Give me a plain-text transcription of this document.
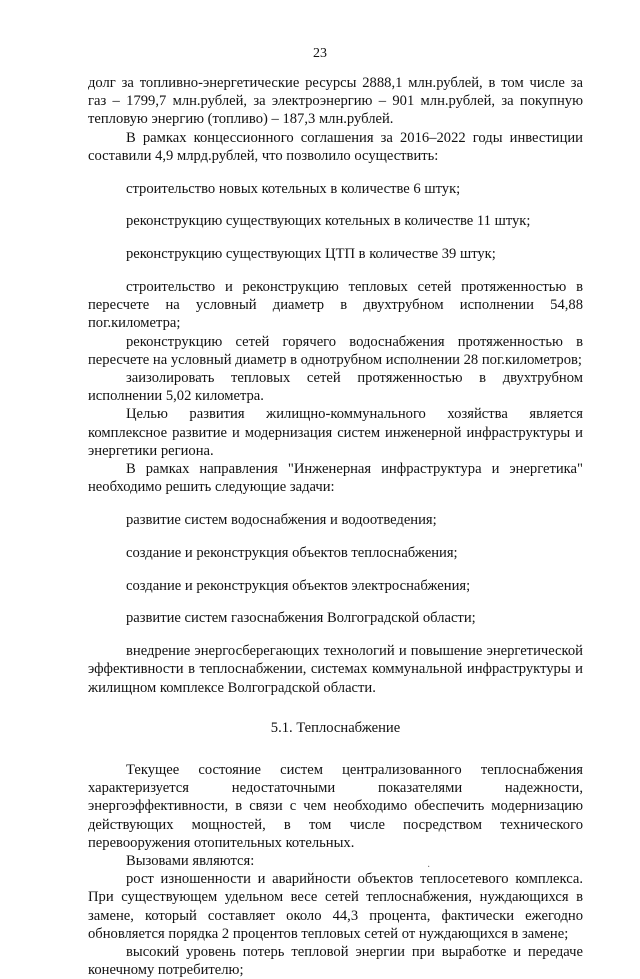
23

долг за топливно-энергетические ресурсы 2888,1 млн.рублей, в том числе за газ – 1799,7 млн.рублей, за электроэнергию – 901 млн.рублей, за покупную тепловую энергию (топливо) – 187,3 млн.рублей.

В рамках концессионного соглашения за 2016–2022 годы инвестиции составили 4,9 млрд.рублей, что позволило осуществить:

строительство новых котельных в количестве 6 штук;

реконструкцию существующих котельных в количестве 11 штук;

реконструкцию существующих ЦТП в количестве 39 штук;

строительство и реконструкцию тепловых сетей протяженностью в пересчете на условный диаметр в двухтрубном исполнении 54,88 пог.километра;

реконструкцию сетей горячего водоснабжения протяженностью в пересчете на условный диаметр в однотрубном исполнении 28 пог.километров;

заизолировать тепловых сетей протяженностью в двухтрубном исполнении 5,02 километра.

Целью развития жилищно-коммунального хозяйства является комплексное развитие и модернизация систем инженерной инфраструктуры и энергетики региона.

В рамках направления "Инженерная инфраструктура и энергетика" необходимо решить следующие задачи:

развитие систем водоснабжения и водоотведения;

создание и реконструкция объектов теплоснабжения;

создание и реконструкция объектов электроснабжения;

развитие систем газоснабжения Волгоградской области;

внедрение энергосберегающих технологий и повышение энергетической эффективности в теплоснабжении, системах коммунальной инфраструктуры и жилищном комплексе Волгоградской области.

5.1. Теплоснабжение

Текущее состояние систем централизованного теплоснабжения характеризуется недостаточными показателями надежности, энергоэффективности, в связи с чем необходимо обеспечить модернизацию действующих мощностей, в том числе посредством технического перевооружения отопительных котельных.

Вызовами являются:

рост изношенности и аварийности объектов теплосетевого комплекса. При существующем удельном весе сетей теплоснабжения, нуждающихся в замене, который составляет около 44,3 процента, фактически ежегодно обновляется порядка 2 процентов тепловых сетей от нуждающихся в замене;

высокий уровень потерь тепловой энергии при выработке и передаче конечному потребителю;

·
